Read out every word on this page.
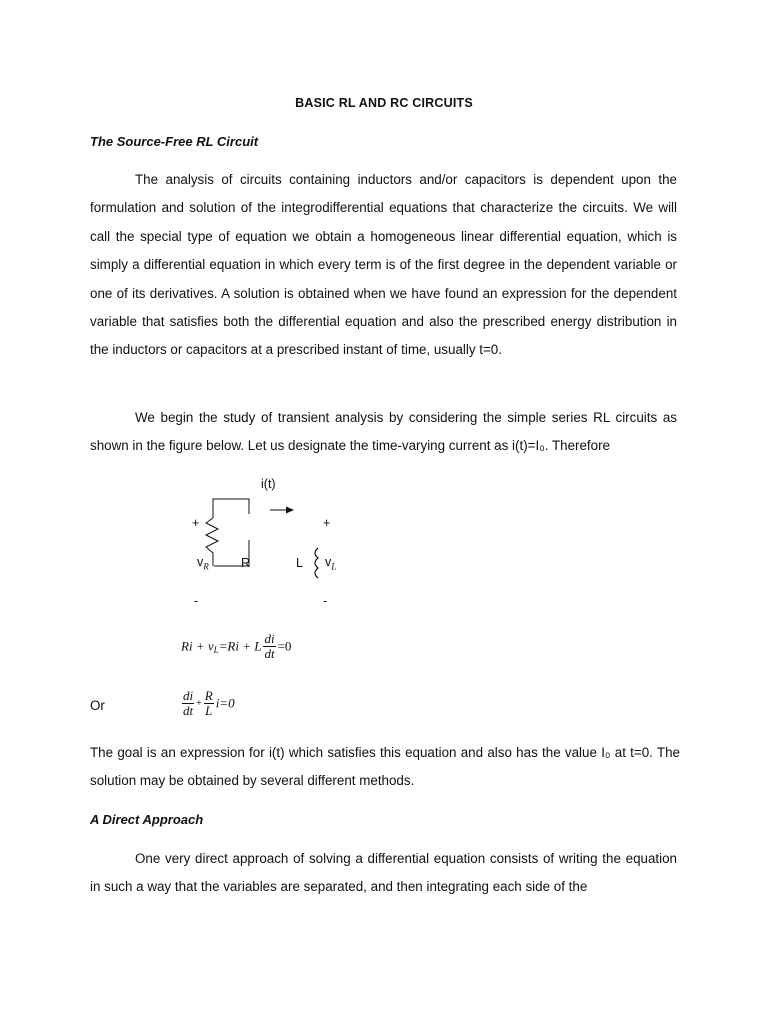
BASIC RL AND RC CIRCUITS
The Source-Free RL Circuit

The analysis of circuits containing inductors and/or capacitors is dependent upon the formulation and solution of the integrodifferential equations that characterize the circuits. We will call the special type of equation we obtain a homogeneous linear differential equation, which is simply a differential equation in which every term is of the first degree in the dependent variable or one of its derivatives. A solution is obtained when we have found an expression for the dependent variable that satisfies both the differential equation and also the prescribed energy distribution in the inductors or capacitors at a prescribed instant of time, usually t=0.

We begin the study of transient analysis by considering the simple series RL circuits as shown in the figure below. Let us designate the time-varying current as i(t)=I₀. Therefore

i(t)
+	+
$v_R$	R	L $v_L$
-	-
$Ri + v_L=Ri + L \frac{di}{dt} =0$
Or	$\frac{di}{dt} + \frac{R}{L} i=0$

The goal is an expression for i(t) which satisfies this equation and also has the value I₀ at t=0. The solution may be obtained by several different methods.

A Direct Approach

One very direct approach of solving a differential equation consists of writing the equation in such a way that the variables are separated, and then integrating each side of the
